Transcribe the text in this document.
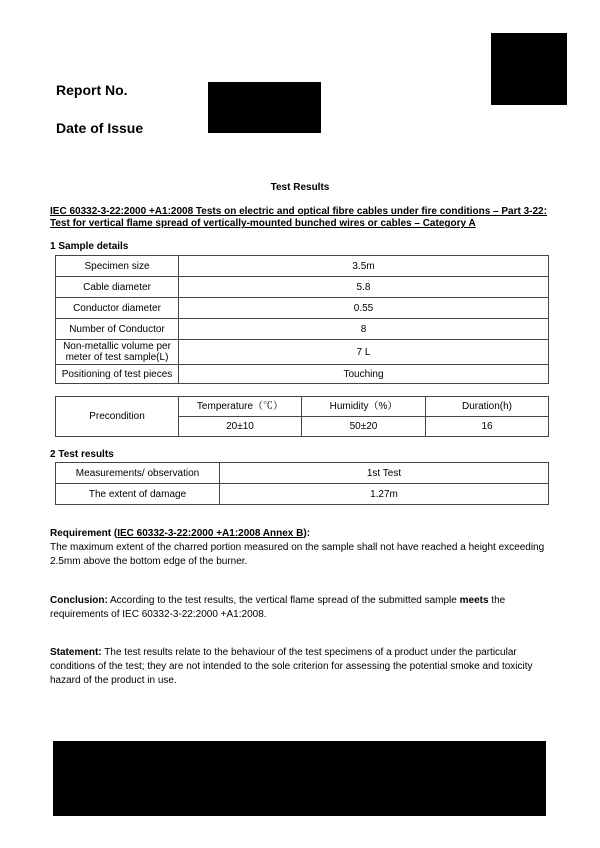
Report No.
Date of Issue
Test Results
IEC 60332-3-22:2000 +A1:2008 Tests on electric and optical fibre cables under fire conditions – Part 3-22: Test for vertical flame spread of vertically-mounted bunched wires or cables – Category A
1 Sample details
Specimen size	3.5m
Cable diameter	5.8
Conductor diameter	0.55
Number of Conductor	8
Non-metallic volume per meter of test sample(L)	7 L
Positioning of test pieces	Touching
Precondition	Temperature（℃）	Humidity（%）	Duration(h)
	20±10	50±20	16
2 Test results
Measurements/ observation	1st Test
The extent of damage	1.27m
Requirement (IEC 60332-3-22:2000 +A1:2008 Annex B):
The maximum extent of the charred portion measured on the sample shall not have reached a height exceeding 2.5mm above the bottom edge of the burner.
Conclusion: According to the test results, the vertical flame spread of the submitted sample meets the requirements of IEC 60332-3-22:2000 +A1:2008.
Statement: The test results relate to the behaviour of the test specimens of a product under the particular conditions of the test; they are not intended to the sole criterion for assessing the potential smoke and toxicity hazard of the product in use.
